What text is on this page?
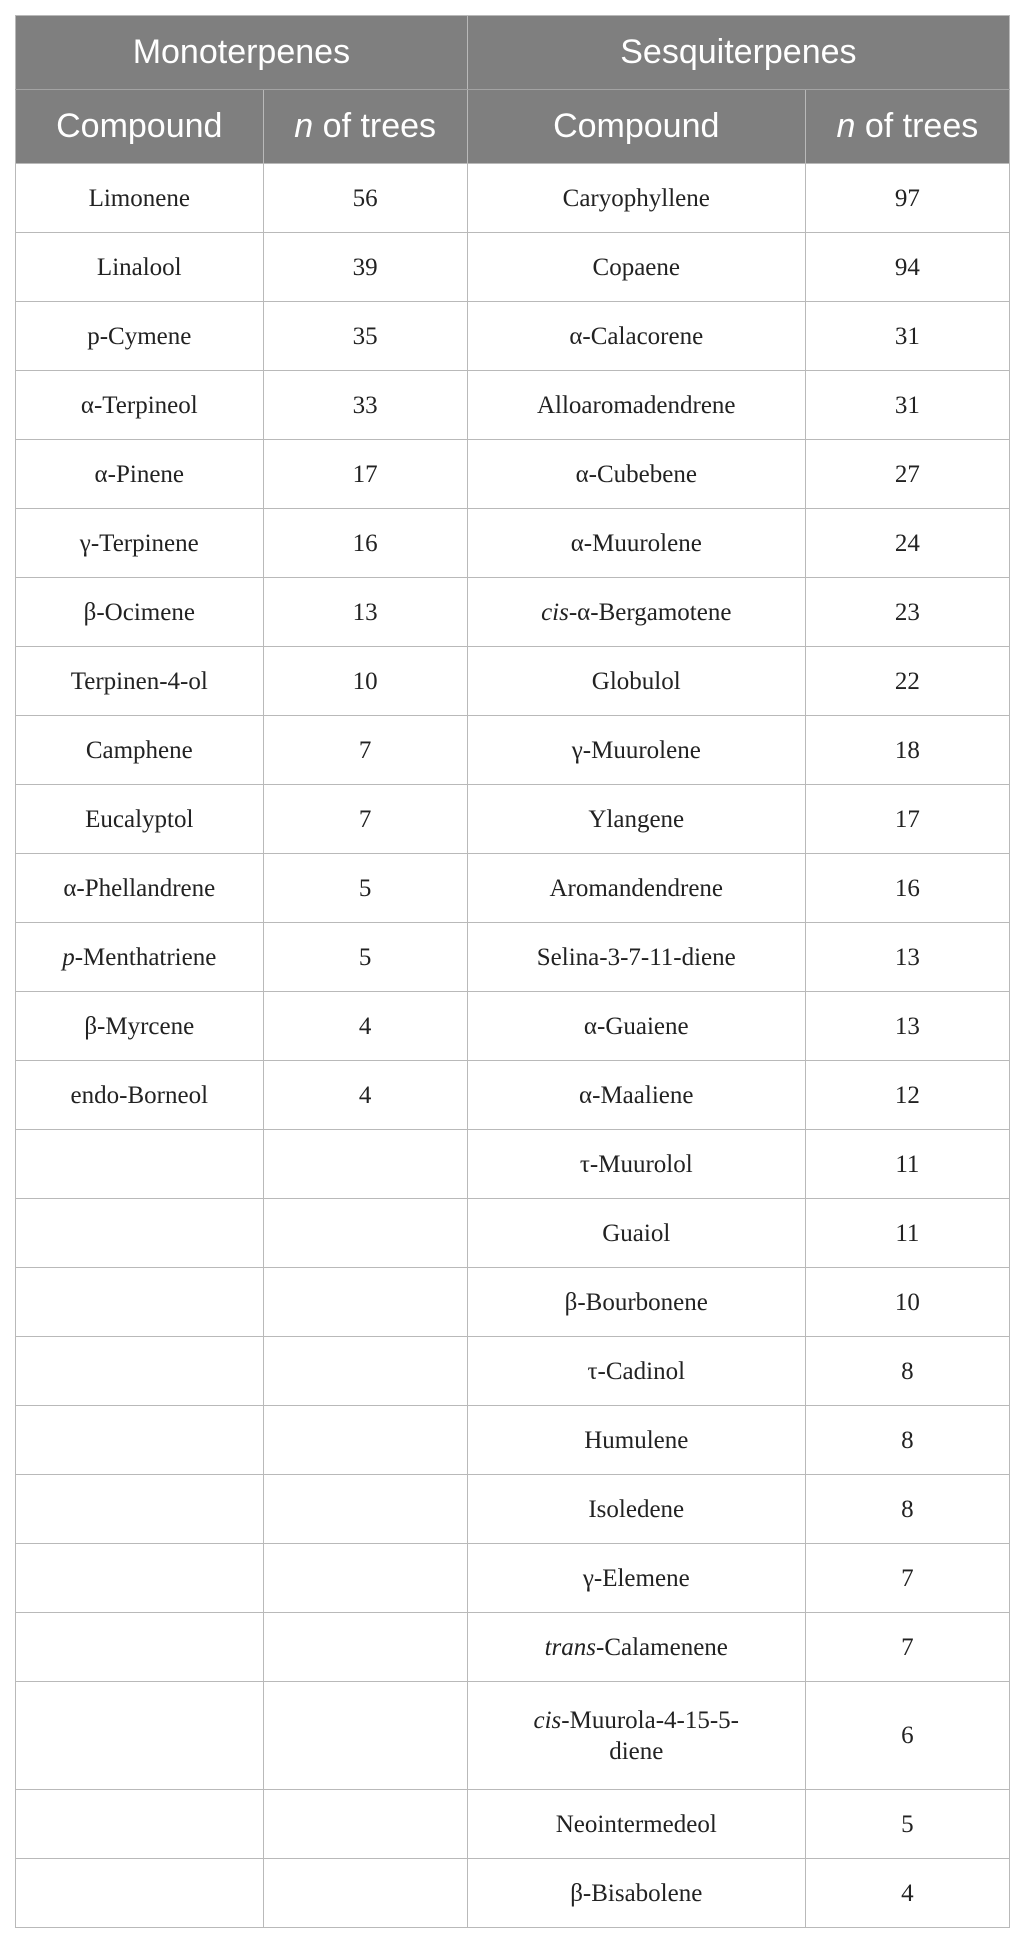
Monoterpenes		Sesquiterpenes	
Compound	n of trees	Compound	n of trees
Limonene	56	Caryophyllene	97
Linalool	39	Copaene	94
p-Cymene	35	α-Calacorene	31
α-Terpineol	33	Alloaromadendrene	31
α-Pinene	17	α-Cubebene	27
γ-Terpinene	16	α-Muurolene	24
β-Ocimene	13	cis-α-Bergamotene	23
Terpinen-4-ol	10	Globulol	22
Camphene	7	γ-Muurolene	18
Eucalyptol	7	Ylangene	17
α-Phellandrene	5	Aromandendrene	16
p-Menthatriene	5	Selina-3-7-11-diene	13
β-Myrcene	4	α-Guaiene	13
endo-Borneol	4	α-Maaliene	12
		τ-Muurolol	11
		Guaiol	11
		β-Bourbonene	10
		τ-Cadinol	8
		Humulene	8
		Isoledene	8
		γ-Elemene	7
		trans-Calamenene	7
		cis-Muurola-4-15-5-diene	6
		Neointermedeol	5
		β-Bisabolene	4
